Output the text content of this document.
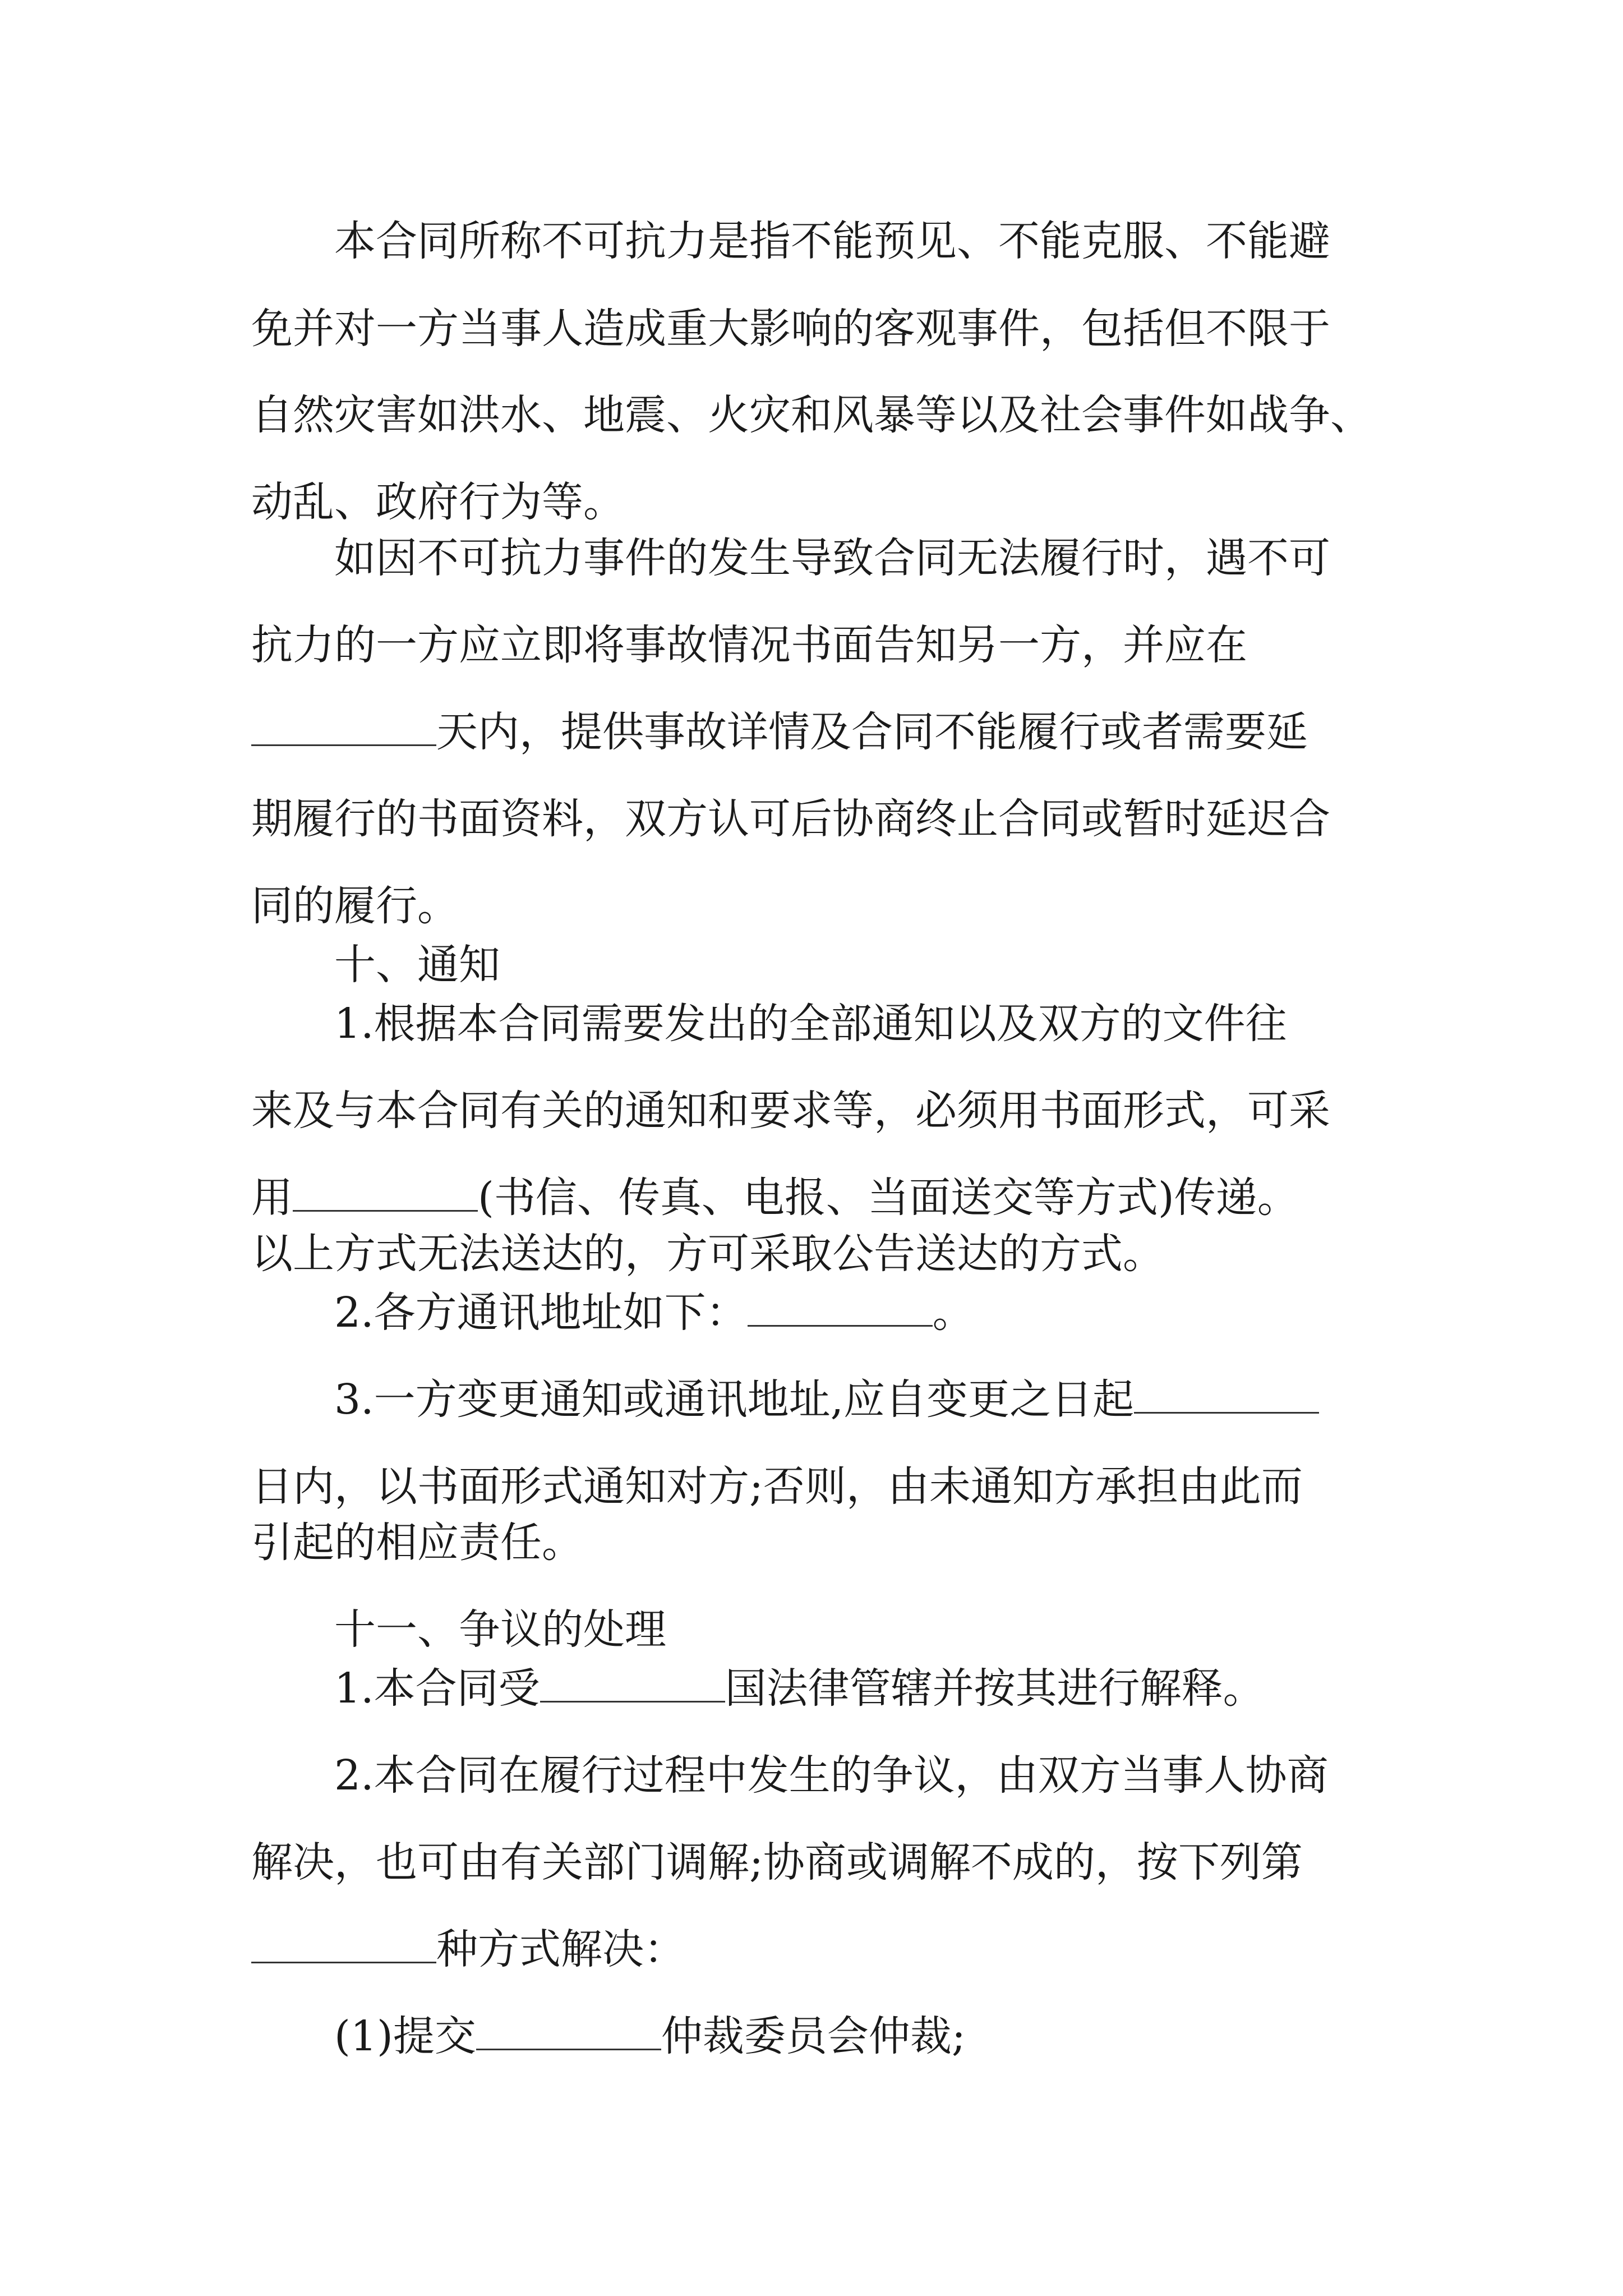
本合同所称不可抗力是指不能预见、不能克服、不能避
免并对一方当事人造成重大影响的客观事件，包括但不限于
自然灾害如洪水、地震、火灾和风暴等以及社会事件如战争、
动乱、政府行为等。
如因不可抗力事件的发生导致合同无法履行时，遇不可
抗力的一方应立即将事故情况书面告知另一方，并应在
天内，提供事故详情及合同不能履行或者需要延
期履行的书面资料，双方认可后协商终止合同或暂时延迟合
同的履行。
十、通知
1.根据本合同需要发出的全部通知以及双方的文件往
来及与本合同有关的通知和要求等，必须用书面形式，可采
用	(书信、传真、电报、当面送交等方式)传递。
以上方式无法送达的，方可采取公告送达的方式。
2.各方通讯地址如下：	。
3.一方变更通知或通讯地址,应自变更之日起
日内，以书面形式通知对方;否则，由未通知方承担由此而
引起的相应责任。
十一、争议的处理
1.本合同受	国法律管辖并按其进行解释。
2.本合同在履行过程中发生的争议，由双方当事人协商
解决，也可由有关部门调解;协商或调解不成的，按下列第
种方式解决：
(1)提交	仲裁委员会仲裁;
